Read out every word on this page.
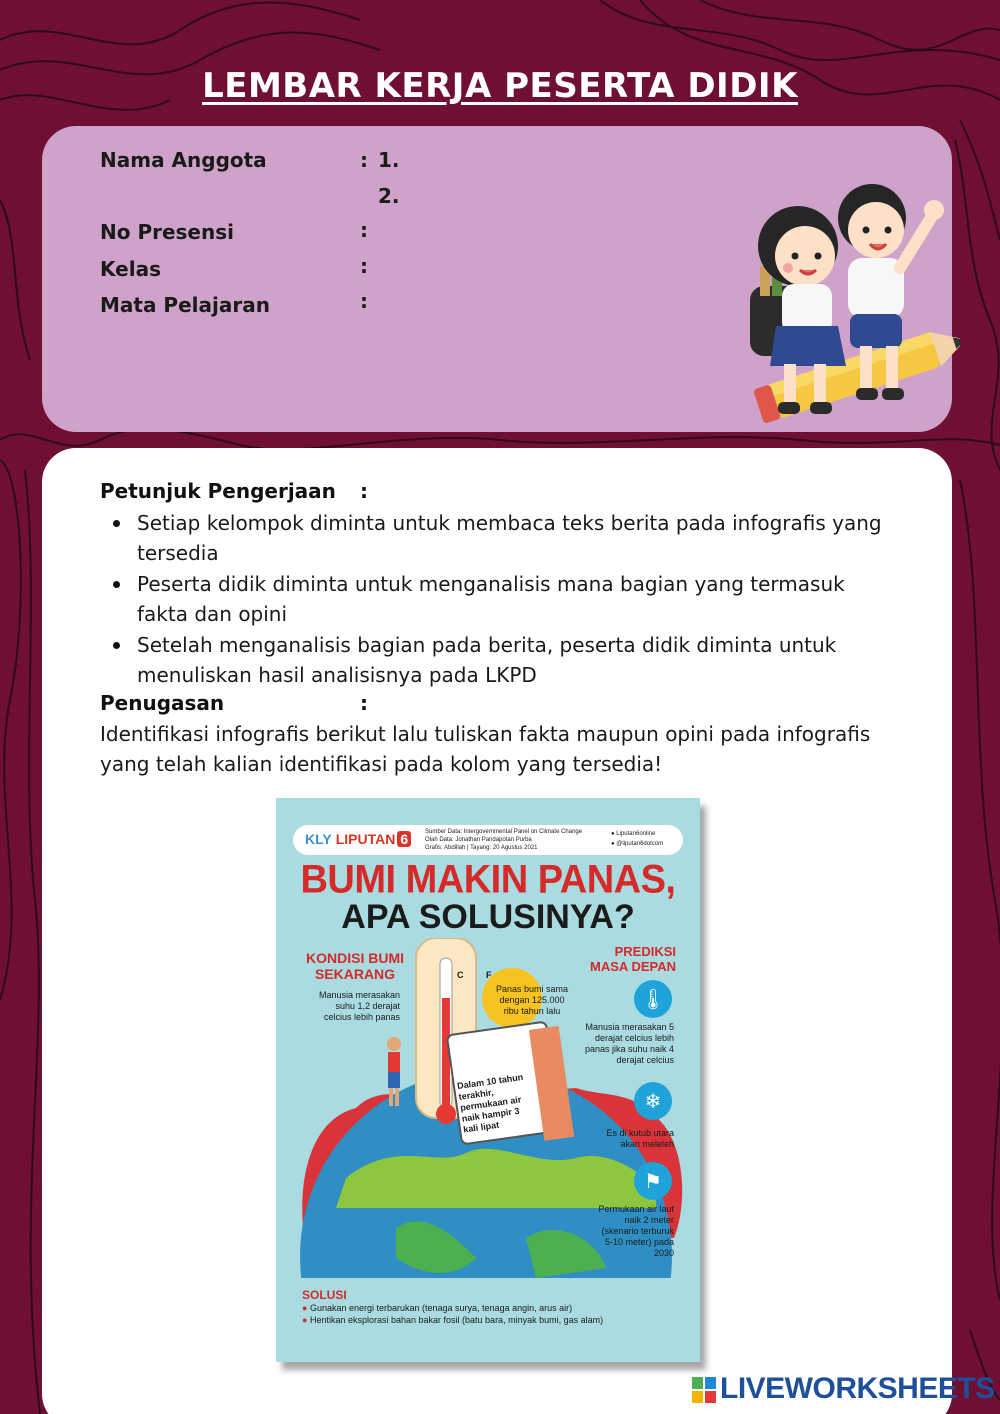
LEMBAR KERJA PESERTA DIDIK
Nama Anggota	: 1.
2.
No Presensi	:
Kelas	:
Mata Pelajaran	:
Petunjuk Pengerjaan :
Setiap kelompok diminta untuk membaca teks berita pada infografis yang tersedia
Peserta didik diminta untuk menganalisis mana bagian yang termasuk fakta dan opini
Setelah menganalisis bagian pada berita, peserta didik diminta untuk menuliskan hasil analisisnya pada LKPD
Penugasan	:
Identifikasi infografis berikut lalu tuliskan fakta maupun opini pada infografis yang telah kalian identifikasi pada kolom yang tersedia!
KLY LIPUTAN 6	Sumber Data: Intergovernmental Panel on Climate Change
Olah Data: Jonathan Pandapotan Purba
Grafis: Abdillah | Tayang: 20 Agustus 2021
● Liputan6online
● @liputan6dotcom
BUMI MAKIN PANAS,
APA SOLUSINYA?
C	F
KONDISI BUMI
SEKARANG
Manusia merasakan suhu 1,2 derajat celcius lebih panas
Panas bumi sama dengan 125.000 ribu tahun lalu
Dalam 10 tahun terakhir, permukaan air naik hampir 3 kali lipat
PREDIKSI
MASA DEPAN
🌡
Manusia merasakan 5 derajat celcius lebih panas jika suhu naik 4 derajat celcius
❄
Es di kutub utara akan meleleh
⚑
Permukaan air laut naik 2 meter (skenario terburuk 5-10 meter) pada 2030
SOLUSI
● Gunakan energi terbarukan (tenaga surya, tenaga angin, arus air)
● Hentikan eksplorasi bahan bakar fosil (batu bara, minyak bumi, gas alam)
LIVEWORKSHEETS
